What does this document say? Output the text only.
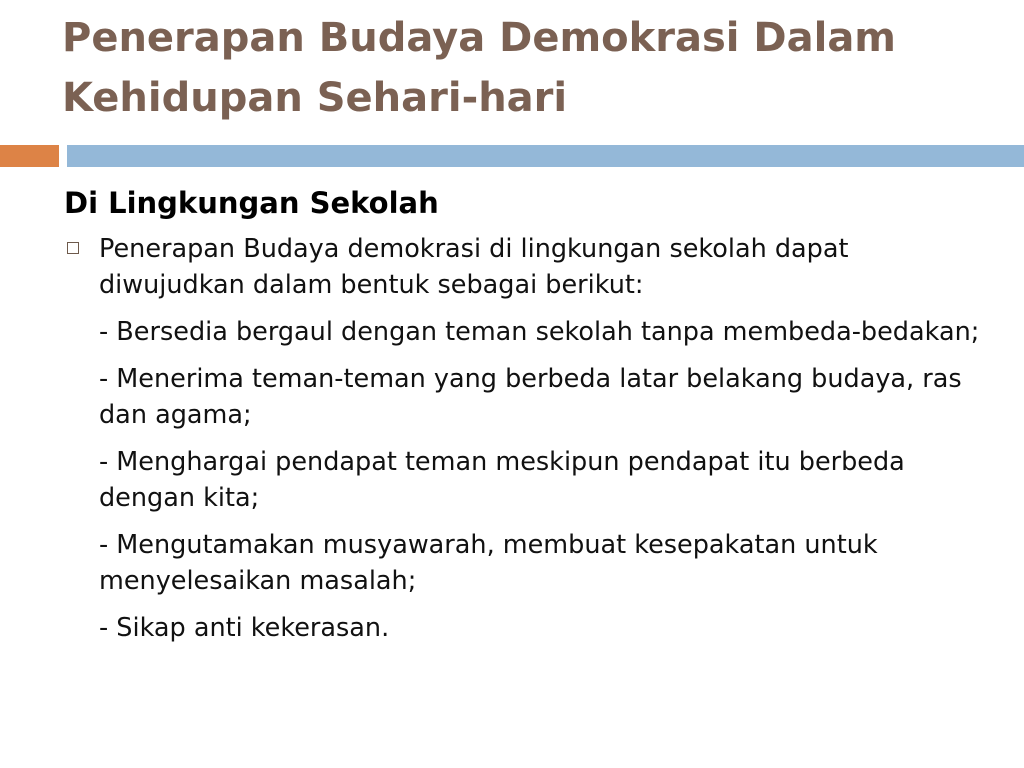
Penerapan Budaya Demokrasi Dalam Kehidupan Sehari-hari
Di Lingkungan Sekolah

Penerapan Budaya demokrasi di lingkungan sekolah dapat diwujudkan dalam bentuk sebagai berikut:

- Bersedia bergaul dengan teman sekolah tanpa membeda-bedakan;

- Menerima teman-teman yang berbeda latar belakang budaya, ras dan agama;

- Menghargai pendapat teman meskipun pendapat itu berbeda dengan kita;

- Mengutamakan musyawarah, membuat kesepakatan untuk menyelesaikan masalah;

- Sikap anti kekerasan.
